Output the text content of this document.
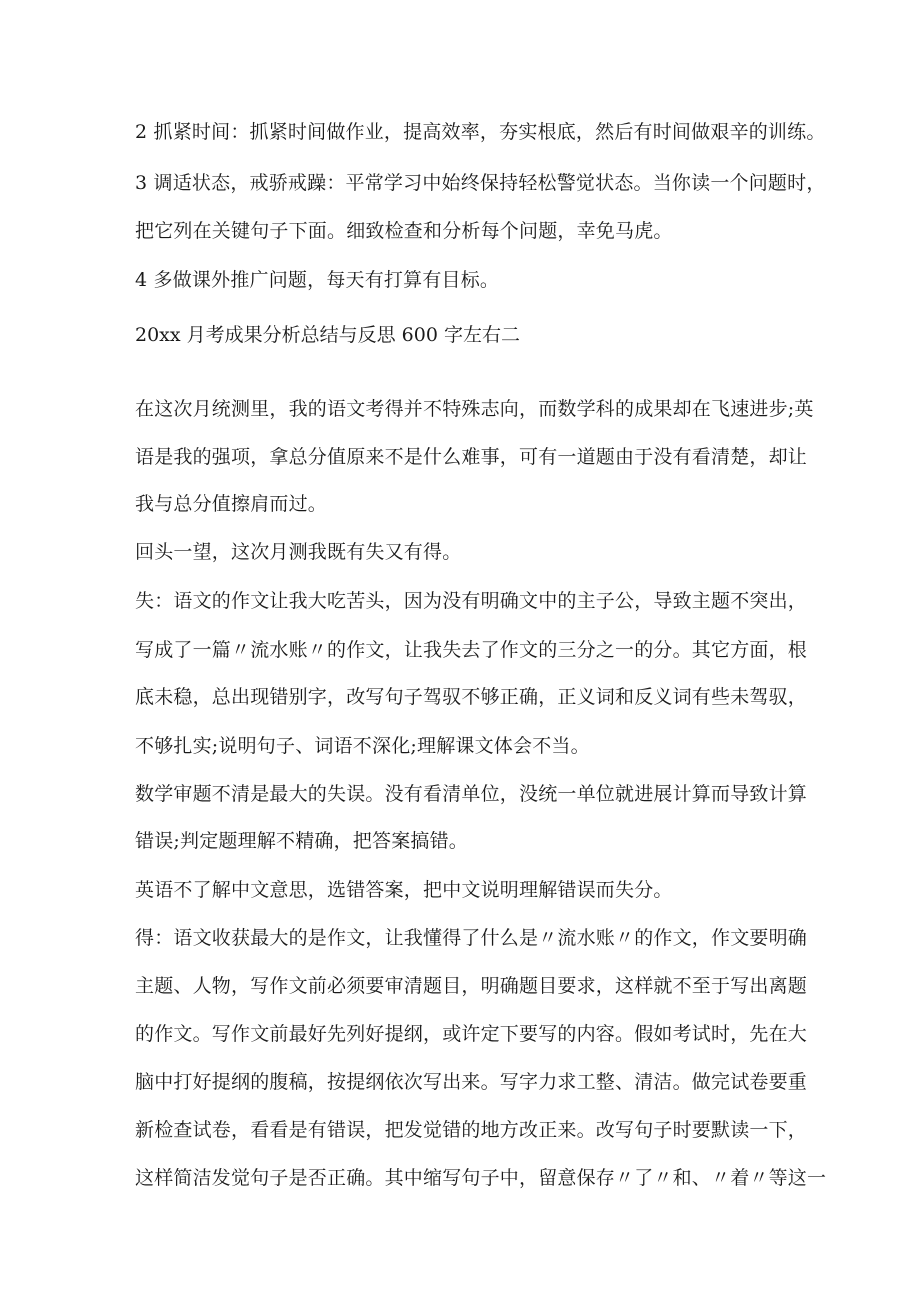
2 抓紧时间：抓紧时间做作业，提高效率，夯实根底，然后有时间做艰辛的训练。
3 调适状态，戒骄戒躁：平常学习中始终保持轻松警觉状态。当你读一个问题时，
把它列在关键句子下面。细致检查和分析每个问题，幸免马虎。
4 多做课外推广问题，每天有打算有目标。
20xx 月考成果分析总结与反思 600 字左右二
在这次月统测里，我的语文考得并不特殊志向，而数学科的成果却在飞速进步;英
语是我的强项，拿总分值原来不是什么难事，可有一道题由于没有看清楚，却让
我与总分值擦肩而过。
回头一望，这次月测我既有失又有得。
失：语文的作文让我大吃苦头，因为没有明确文中的主子公，导致主题不突出，
写成了一篇〃流水账〃的作文，让我失去了作文的三分之一的分。其它方面，根
底未稳，总出现错别字，改写句子驾驭不够正确，正义词和反义词有些未驾驭，
不够扎实;说明句子、词语不深化;理解课文体会不当。
数学审题不清是最大的失误。没有看清单位，没统一单位就进展计算而导致计算
错误;判定题理解不精确，把答案搞错。
英语不了解中文意思，选错答案，把中文说明理解错误而失分。
得：语文收获最大的是作文，让我懂得了什么是〃流水账〃的作文，作文要明确
主题、人物，写作文前必须要审清题目，明确题目要求，这样就不至于写出离题
的作文。写作文前最好先列好提纲，或许定下要写的内容。假如考试时，先在大
脑中打好提纲的腹稿，按提纲依次写出来。写字力求工整、清洁。做完试卷要重
新检查试卷，看看是有错误，把发觉错的地方改正来。改写句子时要默读一下，
这样简洁发觉句子是否正确。其中缩写句子中，留意保存〃了〃和、〃着〃等这一
